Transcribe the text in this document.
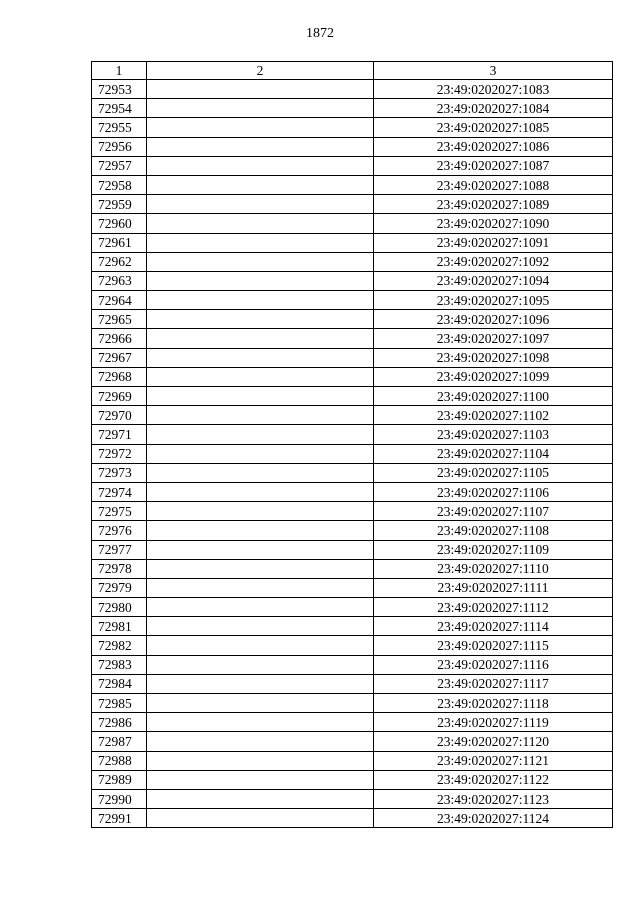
1872
1	2	3
72953		23:49:0202027:1083
72954		23:49:0202027:1084
72955		23:49:0202027:1085
72956		23:49:0202027:1086
72957		23:49:0202027:1087
72958		23:49:0202027:1088
72959		23:49:0202027:1089
72960		23:49:0202027:1090
72961		23:49:0202027:1091
72962		23:49:0202027:1092
72963		23:49:0202027:1094
72964		23:49:0202027:1095
72965		23:49:0202027:1096
72966		23:49:0202027:1097
72967		23:49:0202027:1098
72968		23:49:0202027:1099
72969		23:49:0202027:1100
72970		23:49:0202027:1102
72971		23:49:0202027:1103
72972		23:49:0202027:1104
72973		23:49:0202027:1105
72974		23:49:0202027:1106
72975		23:49:0202027:1107
72976		23:49:0202027:1108
72977		23:49:0202027:1109
72978		23:49:0202027:1110
72979		23:49:0202027:1111
72980		23:49:0202027:1112
72981		23:49:0202027:1114
72982		23:49:0202027:1115
72983		23:49:0202027:1116
72984		23:49:0202027:1117
72985		23:49:0202027:1118
72986		23:49:0202027:1119
72987		23:49:0202027:1120
72988		23:49:0202027:1121
72989		23:49:0202027:1122
72990		23:49:0202027:1123
72991		23:49:0202027:1124
